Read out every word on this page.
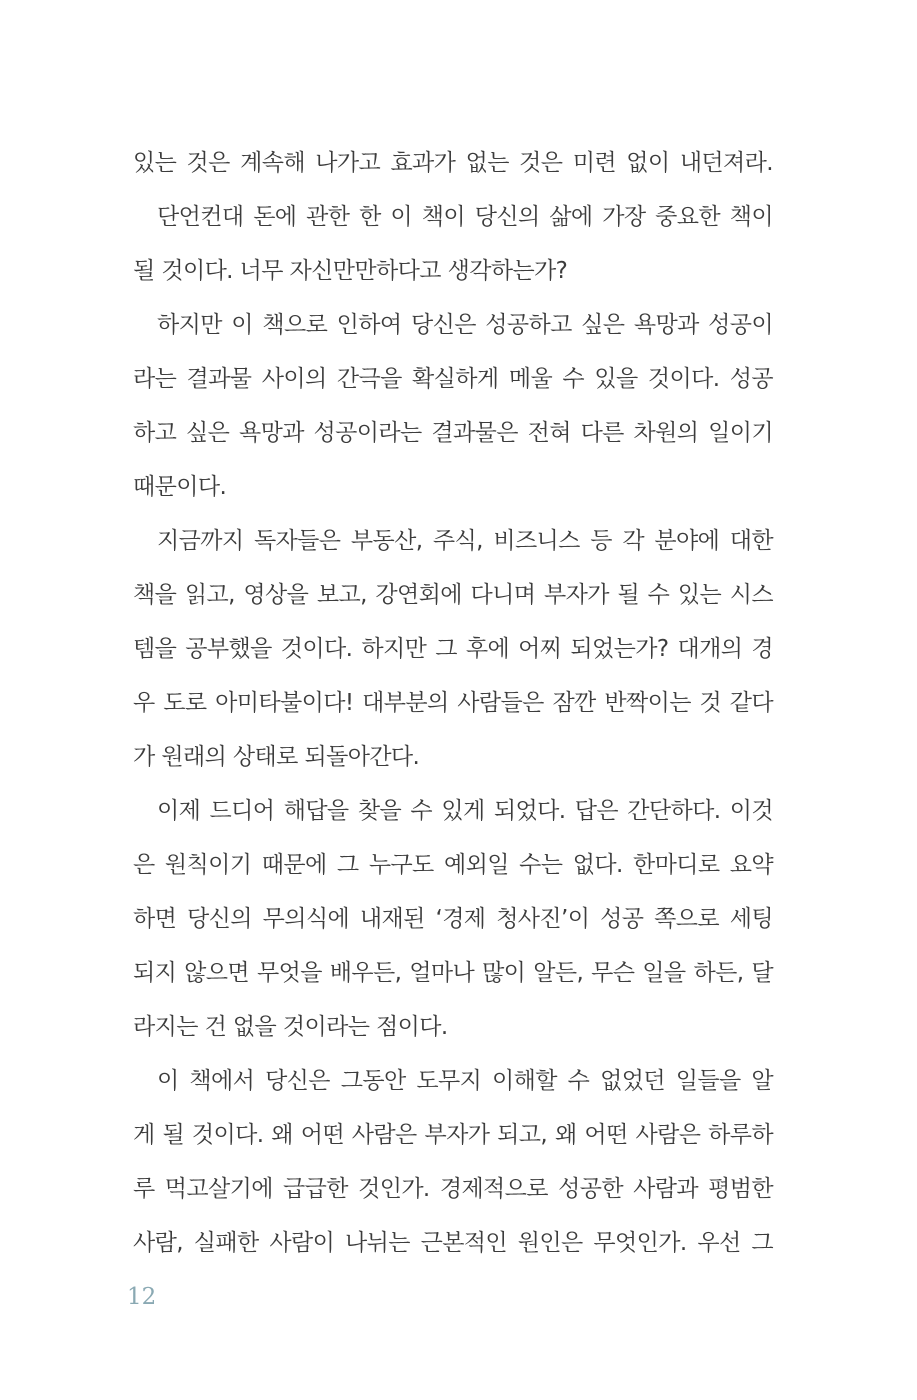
있는 것은 계속해 나가고 효과가 없는 것은 미련 없이 내던져라.
단언컨대 돈에 관한 한 이 책이 당신의 삶에 가장 중요한 책이
될 것이다. 너무 자신만만하다고 생각하는가?
하지만 이 책으로 인하여 당신은 성공하고 싶은 욕망과 성공이
라는 결과물 사이의 간극을 확실하게 메울 수 있을 것이다. 성공
하고 싶은 욕망과 성공이라는 결과물은 전혀 다른 차원의 일이기
때문이다.
지금까지 독자들은 부동산, 주식, 비즈니스 등 각 분야에 대한
책을 읽고, 영상을 보고, 강연회에 다니며 부자가 될 수 있는 시스
템을 공부했을 것이다. 하지만 그 후에 어찌 되었는가? 대개의 경
우 도로 아미타불이다! 대부분의 사람들은 잠깐 반짝이는 것 같다
가 원래의 상태로 되돌아간다.
이제 드디어 해답을 찾을 수 있게 되었다. 답은 간단하다. 이것
은 원칙이기 때문에 그 누구도 예외일 수는 없다. 한마디로 요약
하면 당신의 무의식에 내재된 ‘경제 청사진’이 성공 쪽으로 세팅
되지 않으면 무엇을 배우든, 얼마나 많이 알든, 무슨 일을 하든, 달
라지는 건 없을 것이라는 점이다.
이 책에서 당신은 그동안 도무지 이해할 수 없었던 일들을 알
게 될 것이다. 왜 어떤 사람은 부자가 되고, 왜 어떤 사람은 하루하
루 먹고살기에 급급한 것인가. 경제적으로 성공한 사람과 평범한
사람, 실패한 사람이 나뉘는 근본적인 원인은 무엇인가. 우선 그
12
